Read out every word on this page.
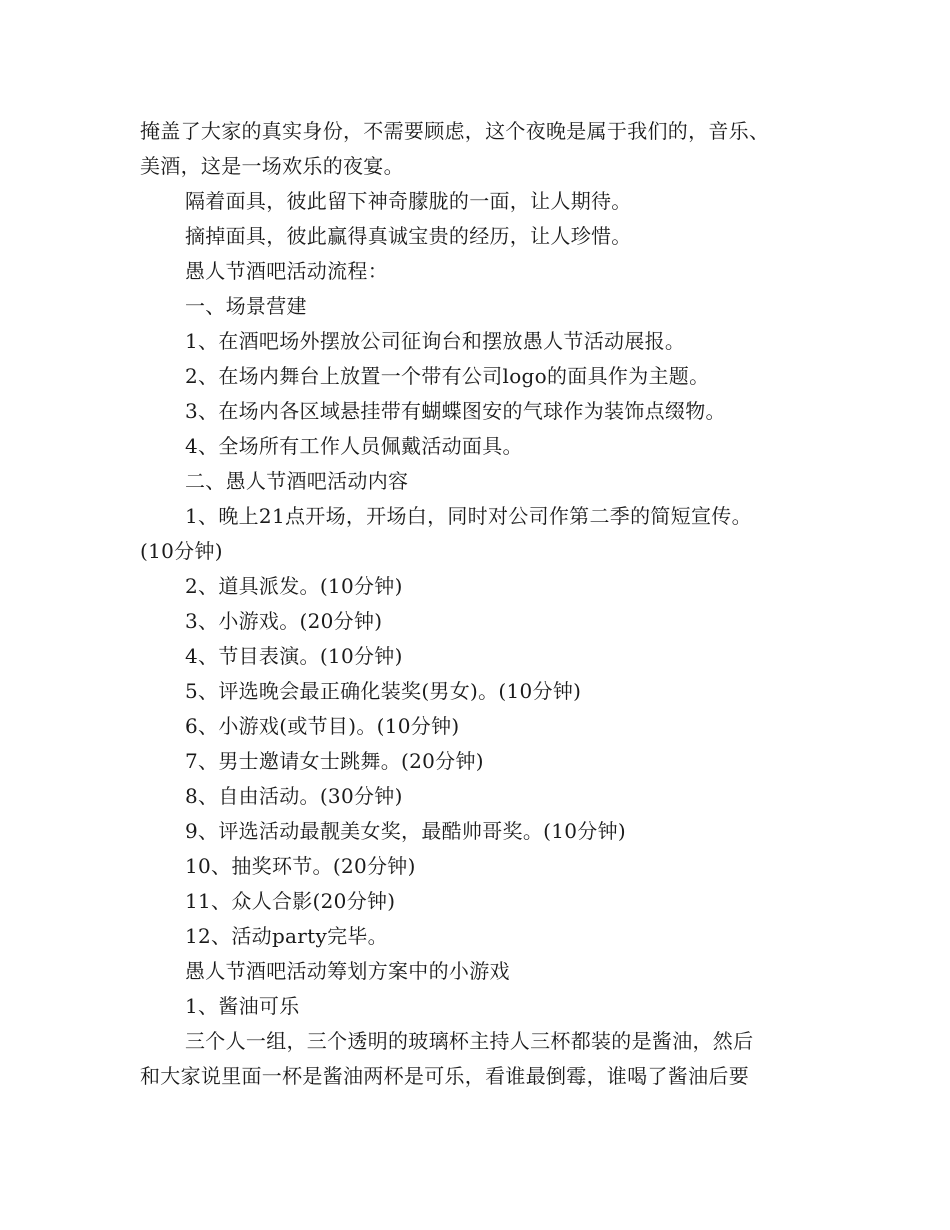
掩盖了大家的真实身份，不需要顾虑，这个夜晚是属于我们的，音乐、
美酒，这是一场欢乐的夜宴。
隔着面具，彼此留下神奇朦胧的一面，让人期待。
摘掉面具，彼此赢得真诚宝贵的经历，让人珍惜。
愚人节酒吧活动流程：
一、场景营建
1、在酒吧场外摆放公司征询台和摆放愚人节活动展报。
2、在场内舞台上放置一个带有公司logo的面具作为主题。
3、在场内各区域悬挂带有蝴蝶图安的气球作为装饰点缀物。
4、全场所有工作人员佩戴活动面具。
二、愚人节酒吧活动内容
1、晚上21点开场，开场白，同时对公司作第二季的简短宣传。
(10分钟)
2、道具派发。(10分钟)
3、小游戏。(20分钟)
4、节目表演。(10分钟)
5、评选晚会最正确化装奖(男女)。(10分钟)
6、小游戏(或节目)。(10分钟)
7、男士邀请女士跳舞。(20分钟)
8、自由活动。(30分钟)
9、评选活动最靓美女奖，最酷帅哥奖。(10分钟)
10、抽奖环节。(20分钟)
11、众人合影(20分钟)
12、活动party完毕。
愚人节酒吧活动筹划方案中的小游戏
1、酱油可乐
三个人一组，三个透明的玻璃杯主持人三杯都装的是酱油，然后
和大家说里面一杯是酱油两杯是可乐，看谁最倒霉，谁喝了酱油后要
